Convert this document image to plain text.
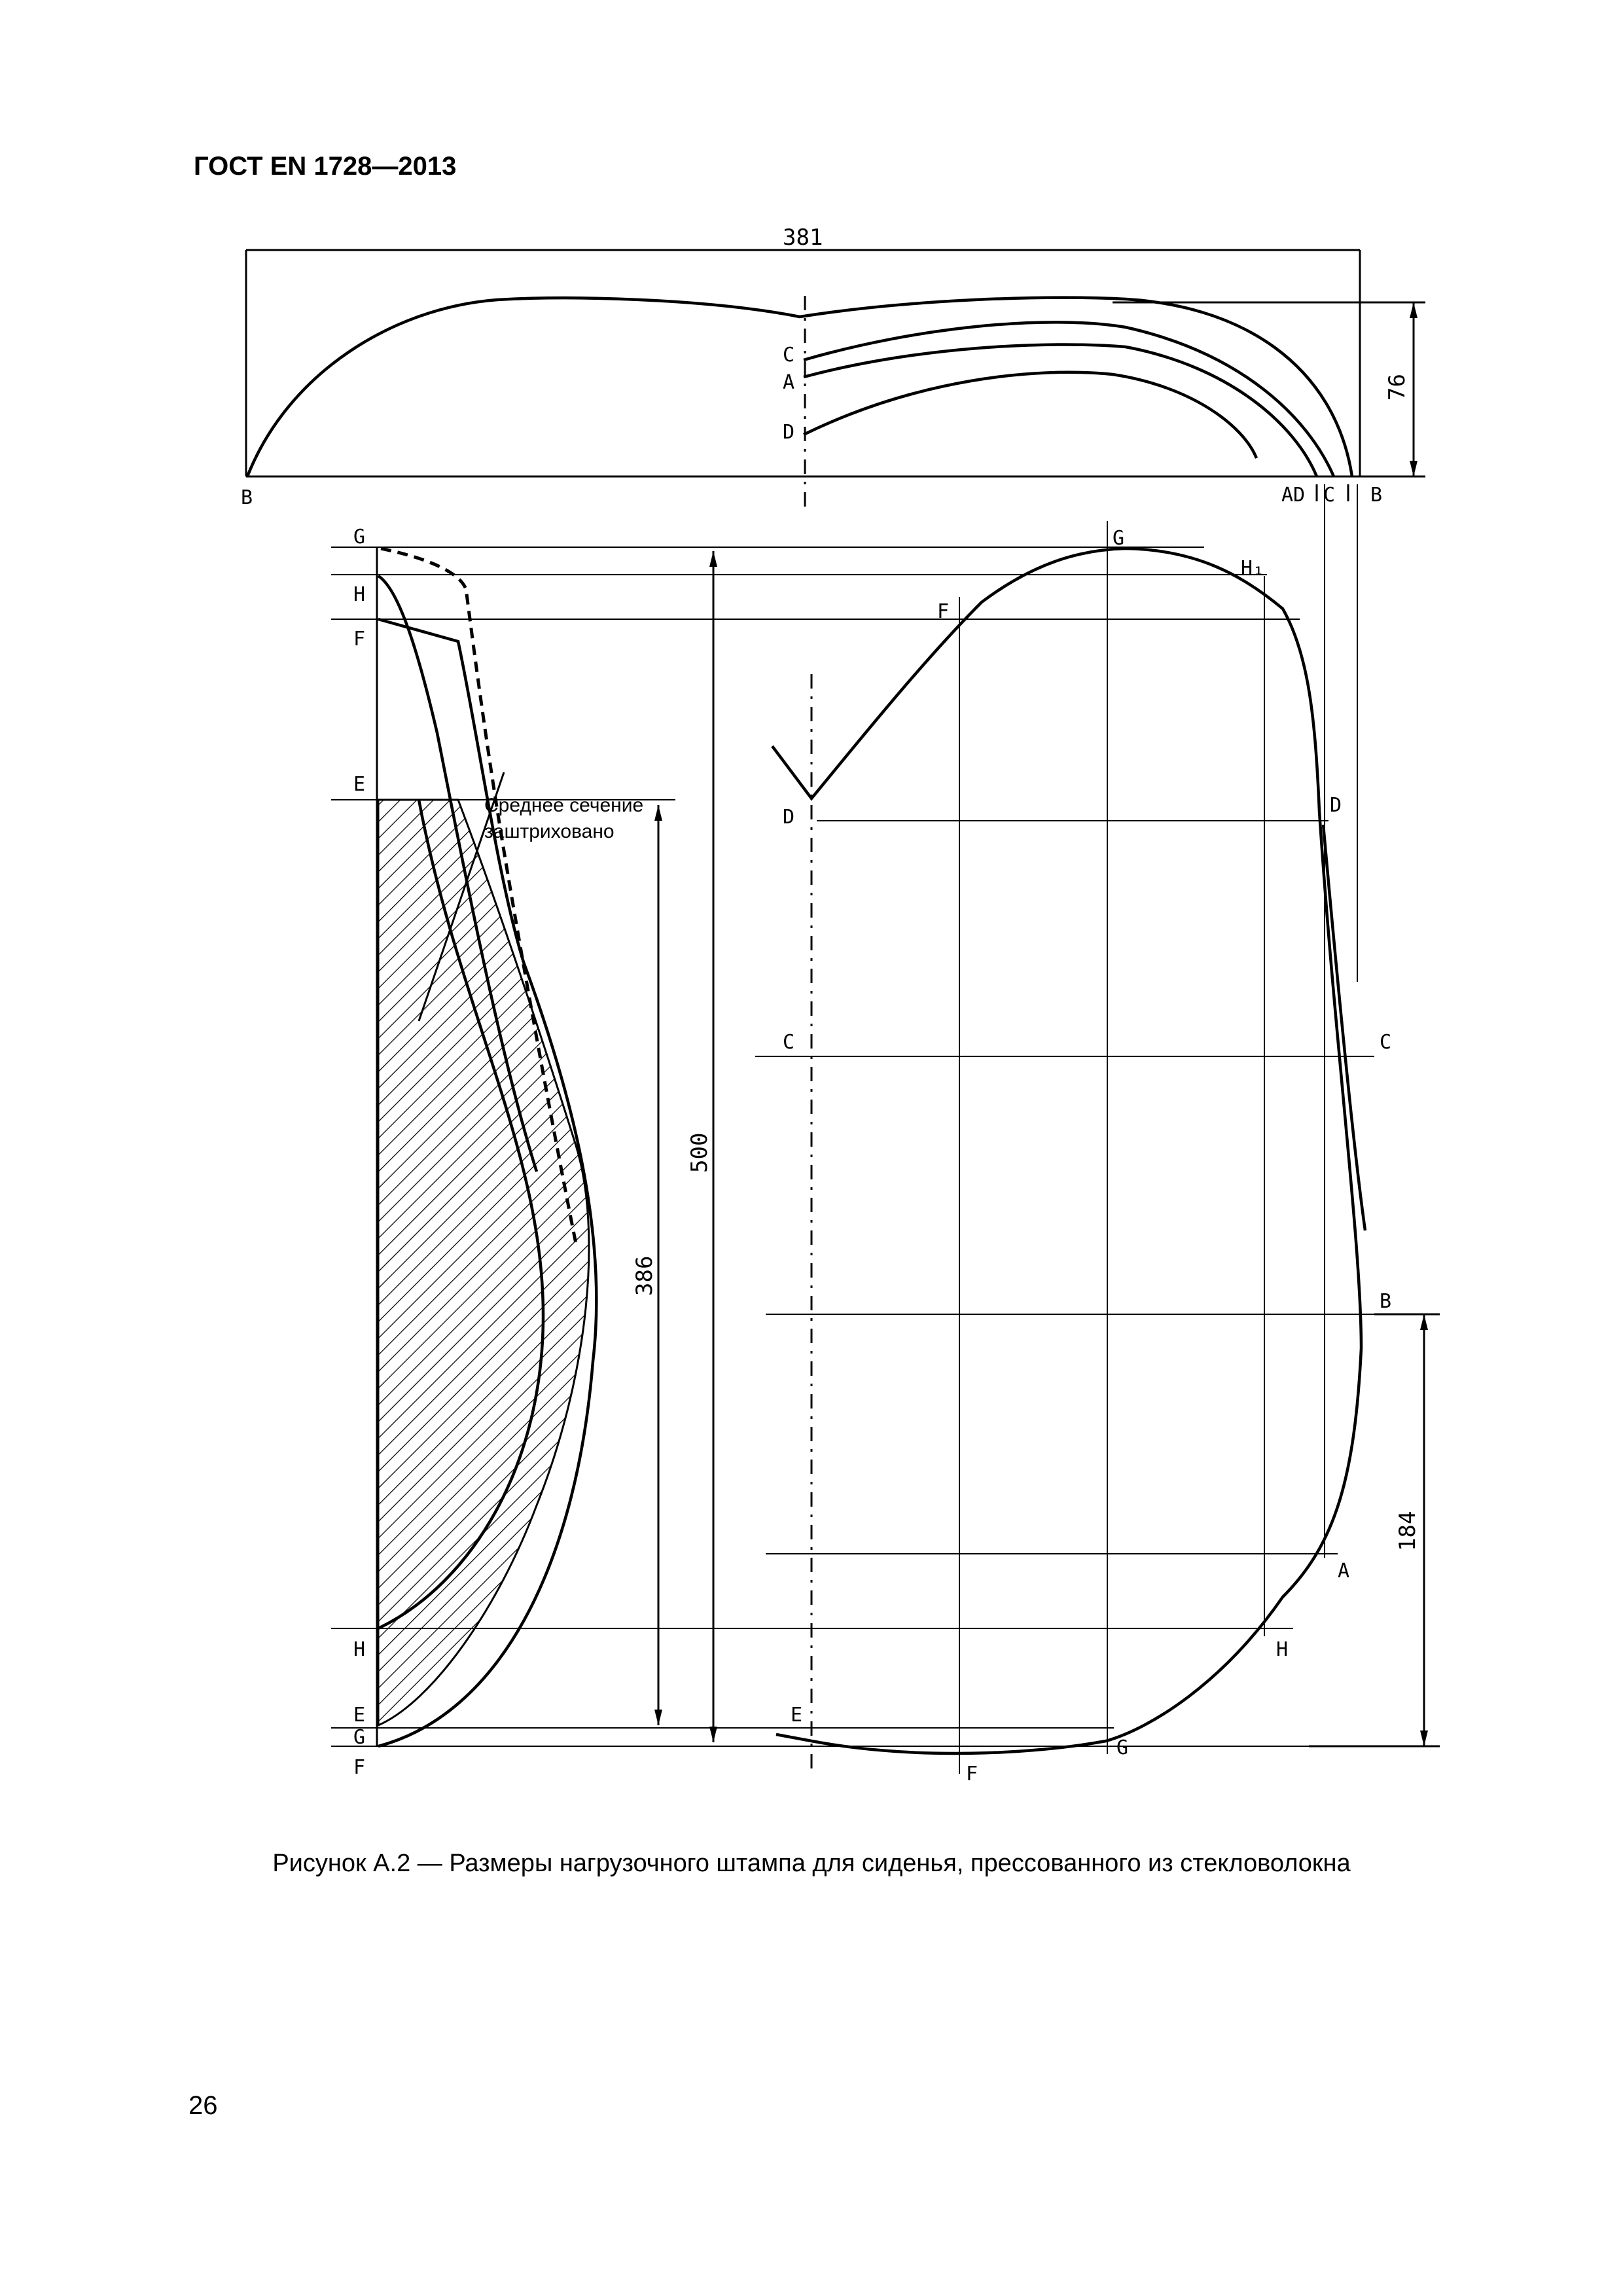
ГОСТ EN 1728—2013
381
76
B
C
A
D
AD C B
Среднее сечение
заштриховано
386
500
G
H
F
E
H
E
G
F
184
G
H₁
F
D
D
C	C
B
A
H
E
G
F
Рисунок А.2 — Размеры нагрузочного штампа для сиденья, прессованного из стекловолокна
26
